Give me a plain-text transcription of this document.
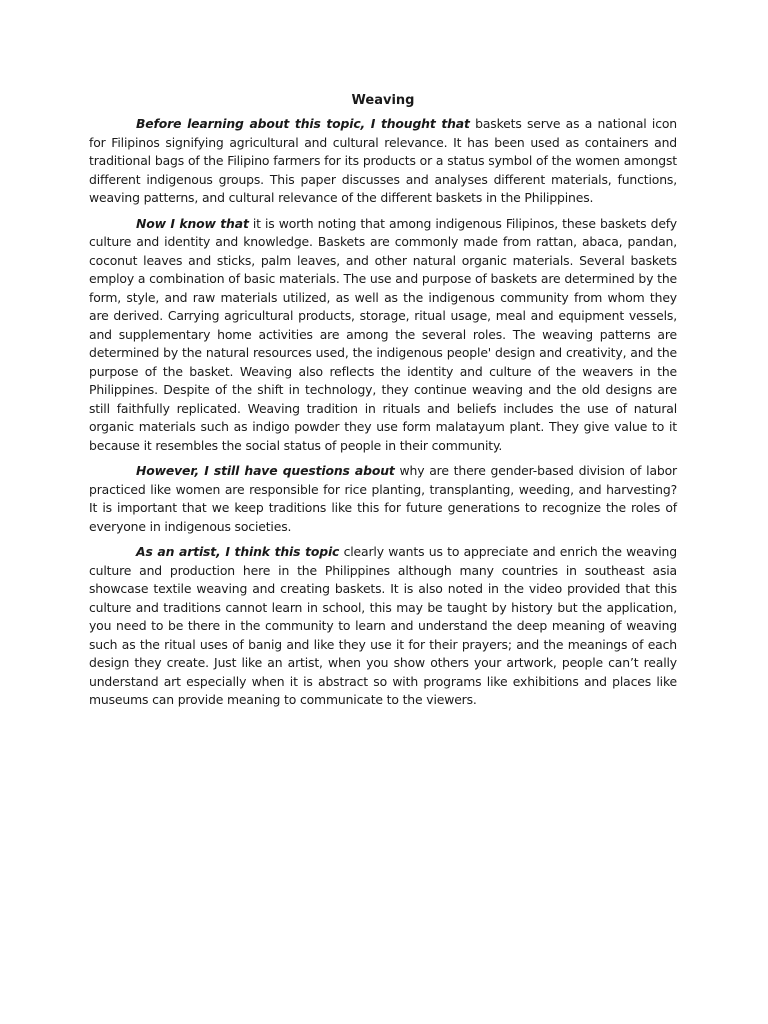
Weaving

Before learning about this topic, I thought that baskets serve as a national icon for Filipinos signifying agricultural and cultural relevance. It has been used as containers and traditional bags of the Filipino farmers for its products or a status symbol of the women amongst different indigenous groups. This paper discusses and analyses different materials, functions, weaving patterns, and cultural relevance of the different baskets in the Philippines.

Now I know that it is worth noting that among indigenous Filipinos, these baskets defy culture and identity and knowledge. Baskets are commonly made from rattan, abaca, pandan, coconut leaves and sticks, palm leaves, and other natural organic materials. Several baskets employ a combination of basic materials. The use and purpose of baskets are determined by the form, style, and raw materials utilized, as well as the indigenous community from whom they are derived. Carrying agricultural products, storage, ritual usage, meal and equipment vessels, and supplementary home activities are among the several roles. The weaving patterns are determined by the natural resources used, the indigenous people' design and creativity, and the purpose of the basket. Weaving also reflects the identity and culture of the weavers in the Philippines. Despite of the shift in technology, they continue weaving and the old designs are still faithfully replicated. Weaving tradition in rituals and beliefs includes the use of natural organic materials such as indigo powder they use form malatayum plant. They give value to it because it resembles the social status of people in their community.

However, I still have questions about why are there gender-based division of labor practiced like women are responsible for rice planting, transplanting, weeding, and harvesting? It is important that we keep traditions like this for future generations to recognize the roles of everyone in indigenous societies.

As an artist, I think this topic clearly wants us to appreciate and enrich the weaving culture and production here in the Philippines although many countries in southeast asia showcase textile weaving and creating baskets. It is also noted in the video provided that this culture and traditions cannot learn in school, this may be taught by history but the application, you need to be there in the community to learn and understand the deep meaning of weaving such as the ritual uses of banig and like they use it for their prayers; and the meanings of each design they create. Just like an artist, when you show others your artwork, people can’t really understand art especially when it is abstract so with programs like exhibitions and places like museums can provide meaning to communicate to the viewers.
